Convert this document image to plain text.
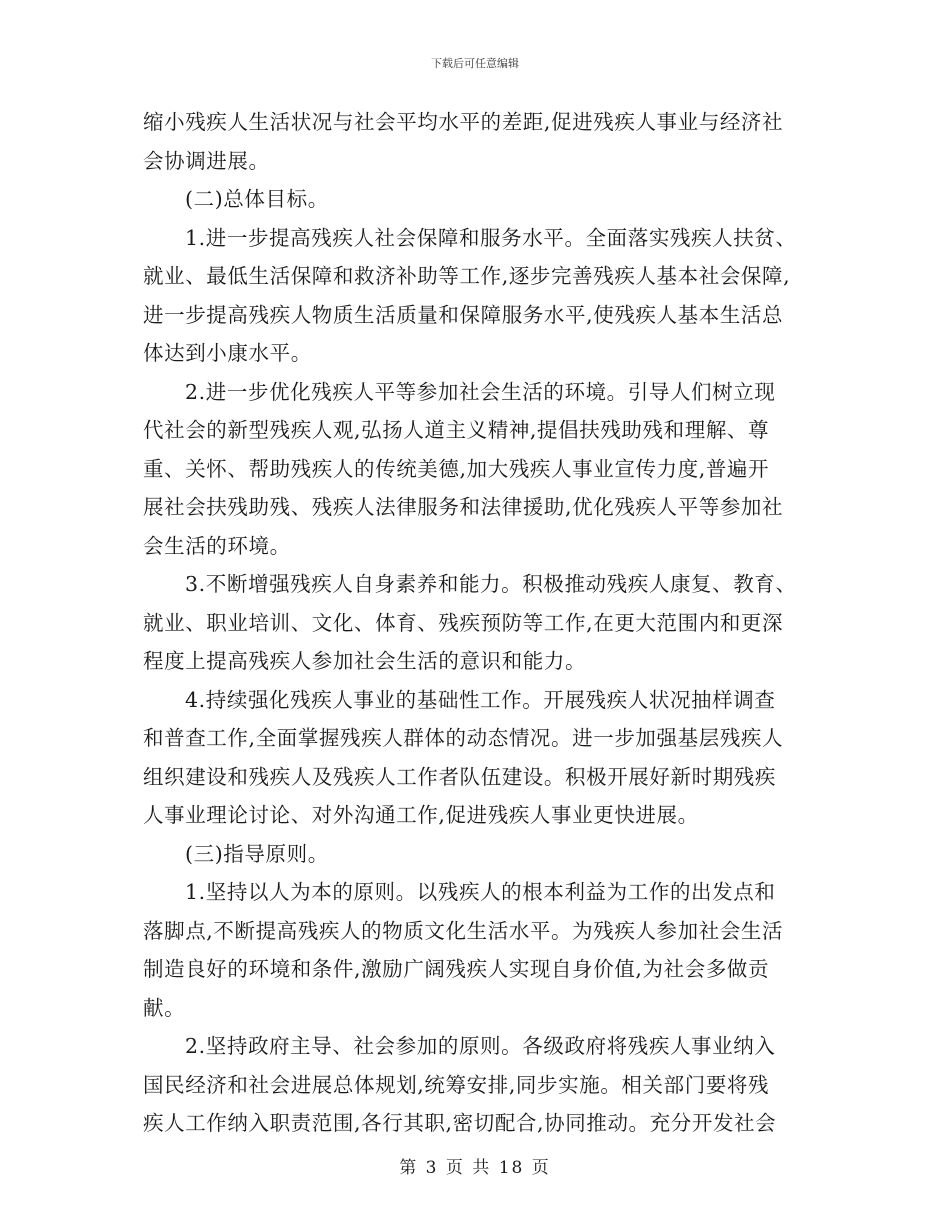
下载后可任意编辑
缩小残疾人生活状况与社会平均水平的差距,促进残疾人事业与经济社
会协调进展。
(二)总体目标。
1.进一步提高残疾人社会保障和服务水平。全面落实残疾人扶贫、
就业、最低生活保障和救济补助等工作,逐步完善残疾人基本社会保障,
进一步提高残疾人物质生活质量和保障服务水平,使残疾人基本生活总
体达到小康水平。
2.进一步优化残疾人平等参加社会生活的环境。引导人们树立现
代社会的新型残疾人观,弘扬人道主义精神,提倡扶残助残和理解、尊
重、关怀、帮助残疾人的传统美德,加大残疾人事业宣传力度,普遍开
展社会扶残助残、残疾人法律服务和法律援助,优化残疾人平等参加社
会生活的环境。
3.不断增强残疾人自身素养和能力。积极推动残疾人康复、教育、
就业、职业培训、文化、体育、残疾预防等工作,在更大范围内和更深
程度上提高残疾人参加社会生活的意识和能力。
4.持续强化残疾人事业的基础性工作。开展残疾人状况抽样调查
和普查工作,全面掌握残疾人群体的动态情况。进一步加强基层残疾人
组织建设和残疾人及残疾人工作者队伍建设。积极开展好新时期残疾
人事业理论讨论、对外沟通工作,促进残疾人事业更快进展。
(三)指导原则。
1.坚持以人为本的原则。以残疾人的根本利益为工作的出发点和
落脚点,不断提高残疾人的物质文化生活水平。为残疾人参加社会生活
制造良好的环境和条件,激励广阔残疾人实现自身价值,为社会多做贡
献。
2.坚持政府主导、社会参加的原则。各级政府将残疾人事业纳入
国民经济和社会进展总体规划,统筹安排,同步实施。相关部门要将残
疾人工作纳入职责范围,各行其职,密切配合,协同推动。充分开发社会
第 3 页 共 18 页
